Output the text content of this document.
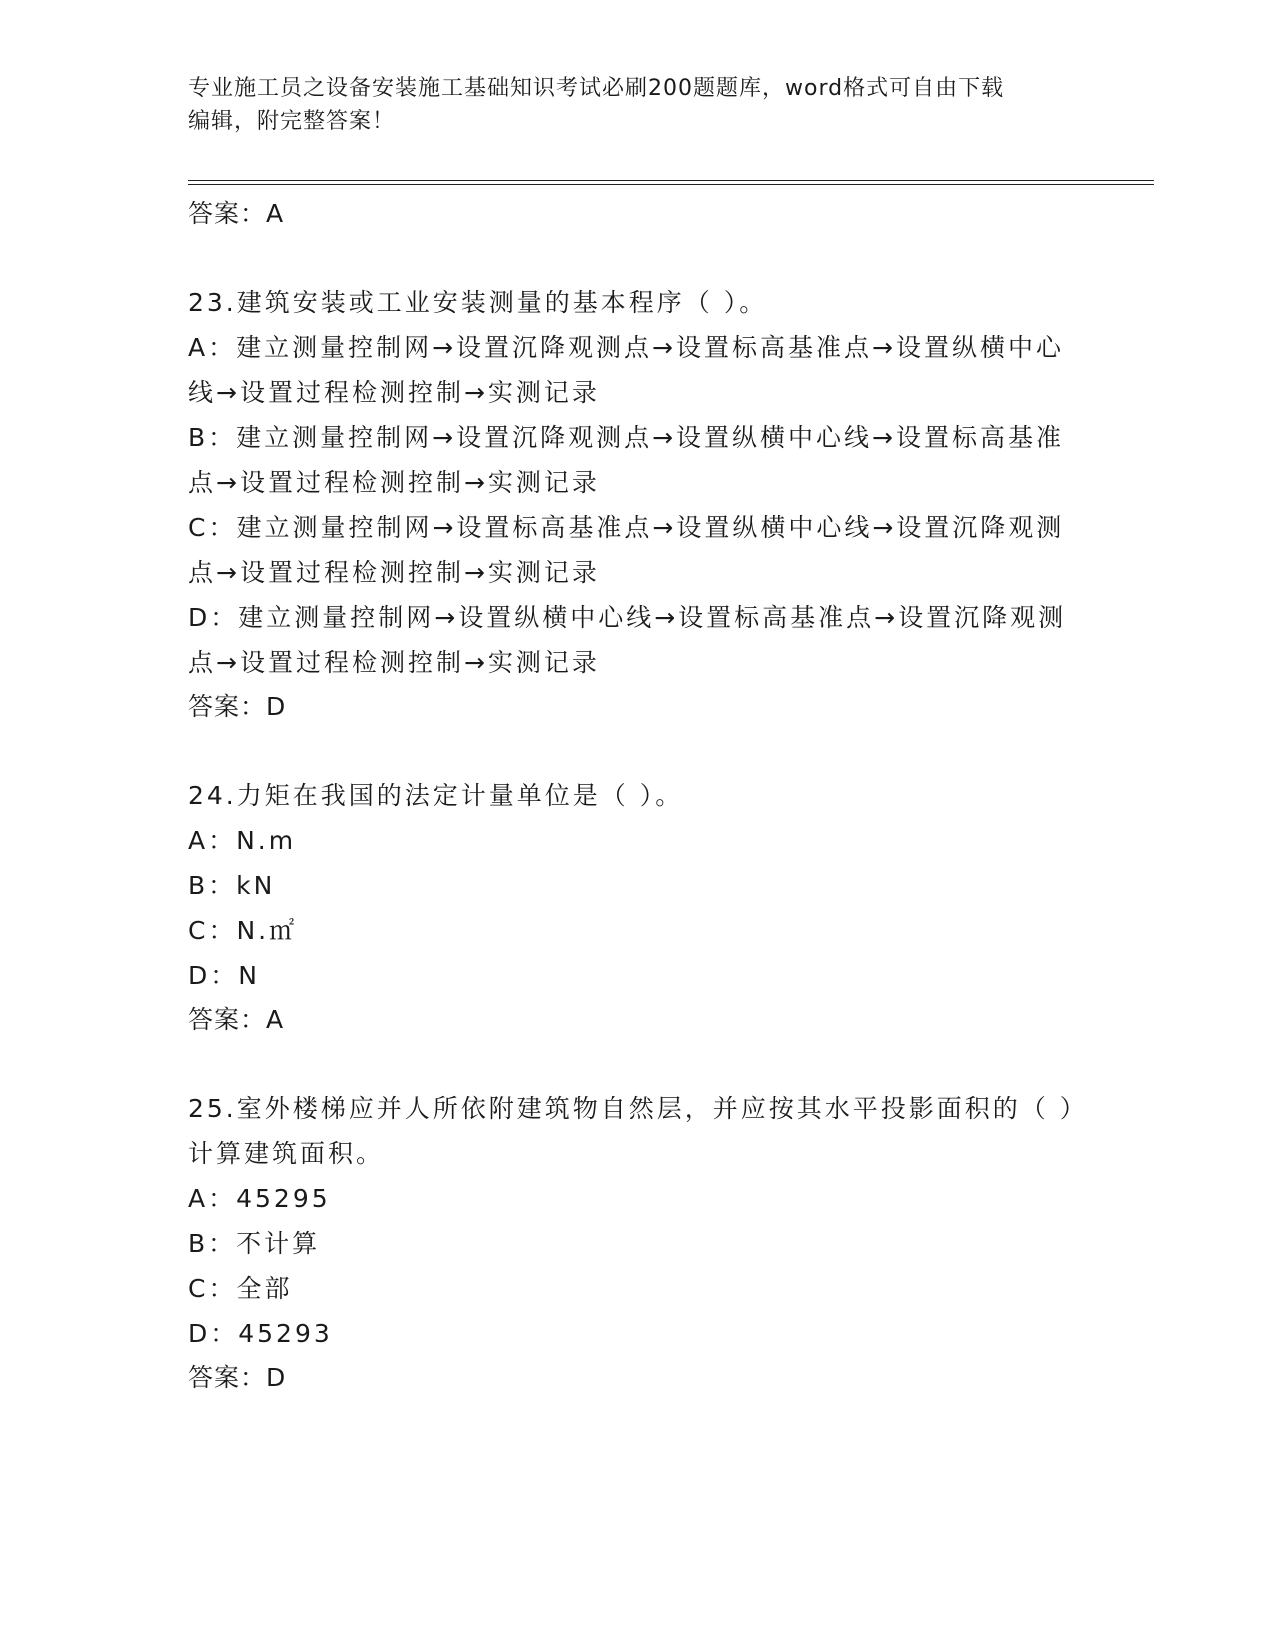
专业施工员之设备安装施工基础知识考试必刷200题题库，word格式可自由下载
编辑，附完整答案！
答案：A
23.建筑安装或工业安装测量的基本程序（ ）。
A：建立测量控制网→设置沉降观测点→设置标高基准点→设置纵横中心线→设置过程检测控制→实测记录
B：建立测量控制网→设置沉降观测点→设置纵横中心线→设置标高基准点→设置过程检测控制→实测记录
C：建立测量控制网→设置标高基准点→设置纵横中心线→设置沉降观测点→设置过程检测控制→实测记录
D：建立测量控制网→设置纵横中心线→设置标高基准点→设置沉降观测点→设置过程检测控制→实测记录
答案：D
24.力矩在我国的法定计量单位是（ ）。
A：N.m
B：kN
C：N.㎡
D：N
答案：A
25.室外楼梯应并人所依附建筑物自然层，并应按其水平投影面积的（ ）计算建筑面积。
A：45295
B：不计算
C：全部
D：45293
答案：D
